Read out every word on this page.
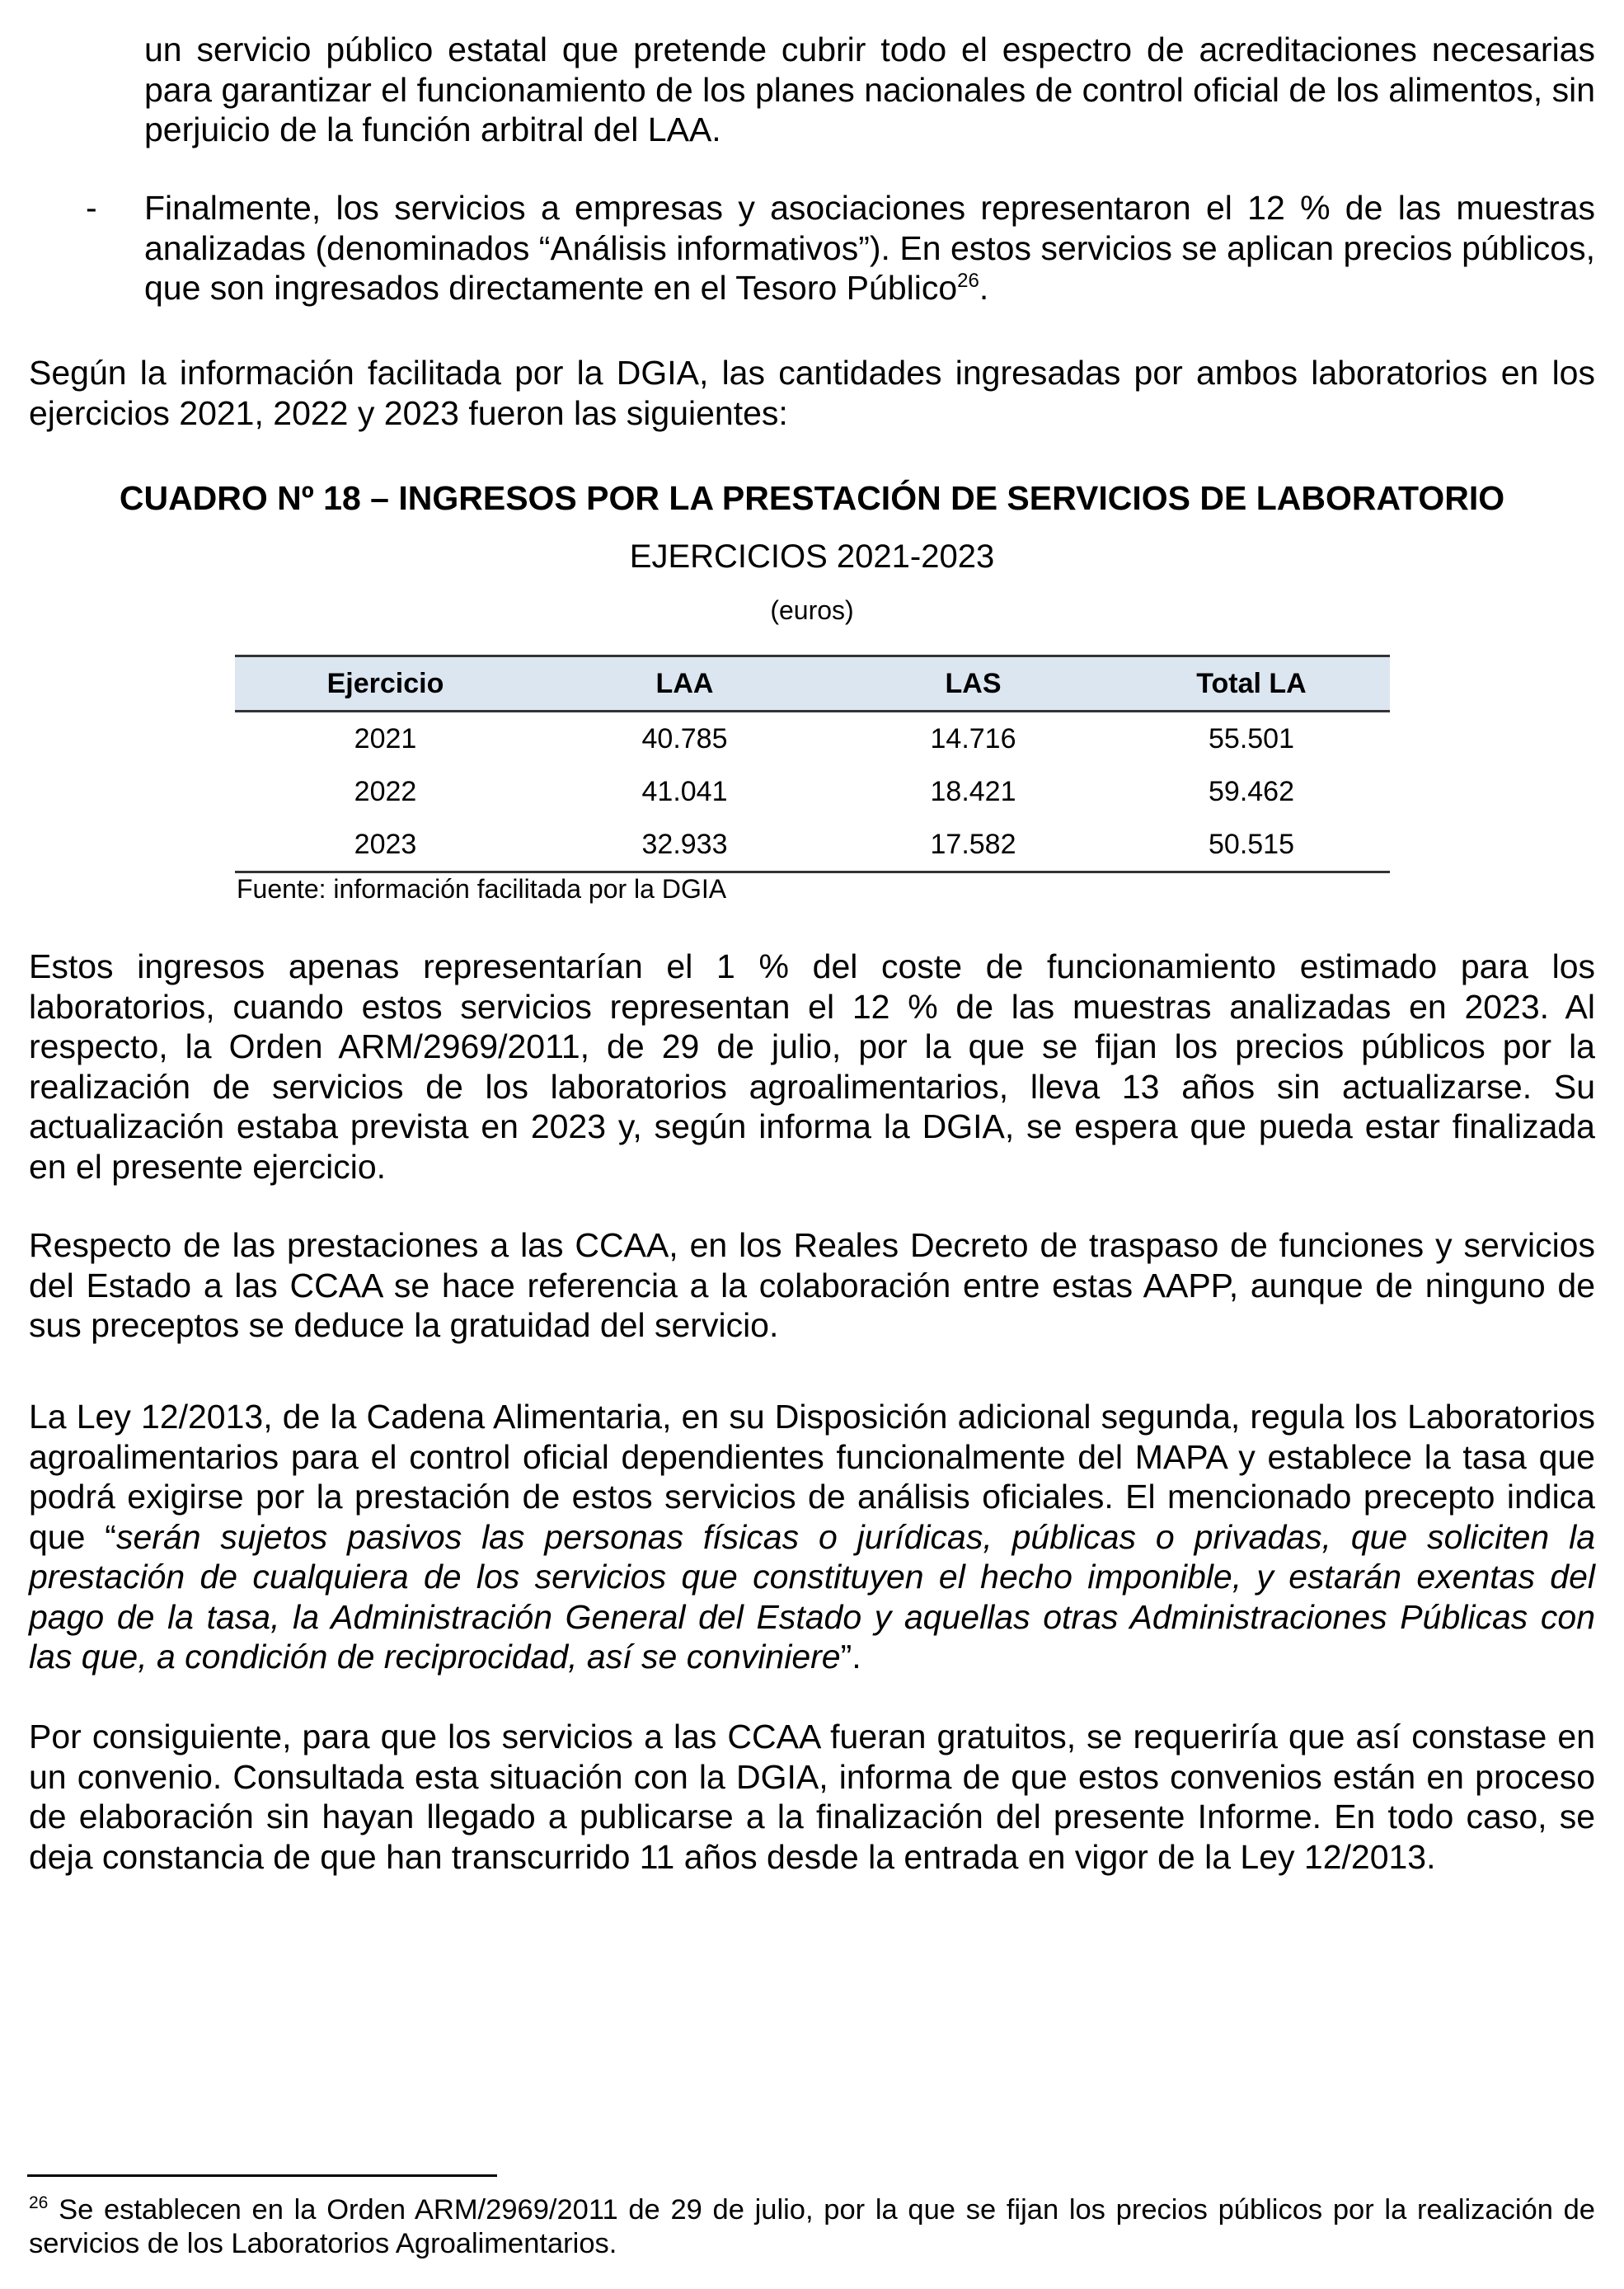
un servicio público estatal que pretende cubrir todo el espectro de acreditaciones necesarias para garantizar el funcionamiento de los planes nacionales de control oficial de los alimentos, sin perjuicio de la función arbitral del LAA.

- Finalmente, los servicios a empresas y asociaciones representaron el 12 % de las muestras analizadas (denominados “Análisis informativos”). En estos servicios se aplican precios públicos, que son ingresados directamente en el Tesoro Público$^{26}$.

Según la información facilitada por la DGIA, las cantidades ingresadas por ambos laboratorios en los ejercicios 2021, 2022 y 2023 fueron las siguientes:

CUADRO Nº 18 – INGRESOS POR LA PRESTACIÓN DE SERVICIOS DE LABORATORIO
EJERCICIOS 2021-2023
(euros)
Ejercicio	LAA	LAS	Total LA
2021	40.785	14.716	55.501
2022	41.041	18.421	59.462
2023	32.933	17.582	50.515
Fuente: información facilitada por la DGIA

Estos ingresos apenas representarían el 1 % del coste de funcionamiento estimado para los laboratorios, cuando estos servicios representan el 12 % de las muestras analizadas en 2023. Al respecto, la Orden ARM/2969/2011, de 29 de julio, por la que se fijan los precios públicos por la realización de servicios de los laboratorios agroalimentarios, lleva 13 años sin actualizarse. Su actualización estaba prevista en 2023 y, según informa la DGIA, se espera que pueda estar finalizada en el presente ejercicio.

Respecto de las prestaciones a las CCAA, en los Reales Decreto de traspaso de funciones y servicios del Estado a las CCAA se hace referencia a la colaboración entre estas AAPP, aunque de ninguno de sus preceptos se deduce la gratuidad del servicio.

La Ley 12/2013, de la Cadena Alimentaria, en su Disposición adicional segunda, regula los Laboratorios agroalimentarios para el control oficial dependientes funcionalmente del MAPA y establece la tasa que podrá exigirse por la prestación de estos servicios de análisis oficiales. El mencionado precepto indica que “serán sujetos pasivos las personas físicas o jurídicas, públicas o privadas, que soliciten la prestación de cualquiera de los servicios que constituyen el hecho imponible, y estarán exentas del pago de la tasa, la Administración General del Estado y aquellas otras Administraciones Públicas con las que, a condición de reciprocidad, así se conviniere”.

Por consiguiente, para que los servicios a las CCAA fueran gratuitos, se requeriría que así constase en un convenio. Consultada esta situación con la DGIA, informa de que estos convenios están en proceso de elaboración sin hayan llegado a publicarse a la finalización del presente Informe. En todo caso, se deja constancia de que han transcurrido 11 años desde la entrada en vigor de la Ley 12/2013.

$^{26}$ Se establecen en la Orden ARM/2969/2011 de 29 de julio, por la que se fijan los precios públicos por la realización de servicios de los Laboratorios Agroalimentarios.
